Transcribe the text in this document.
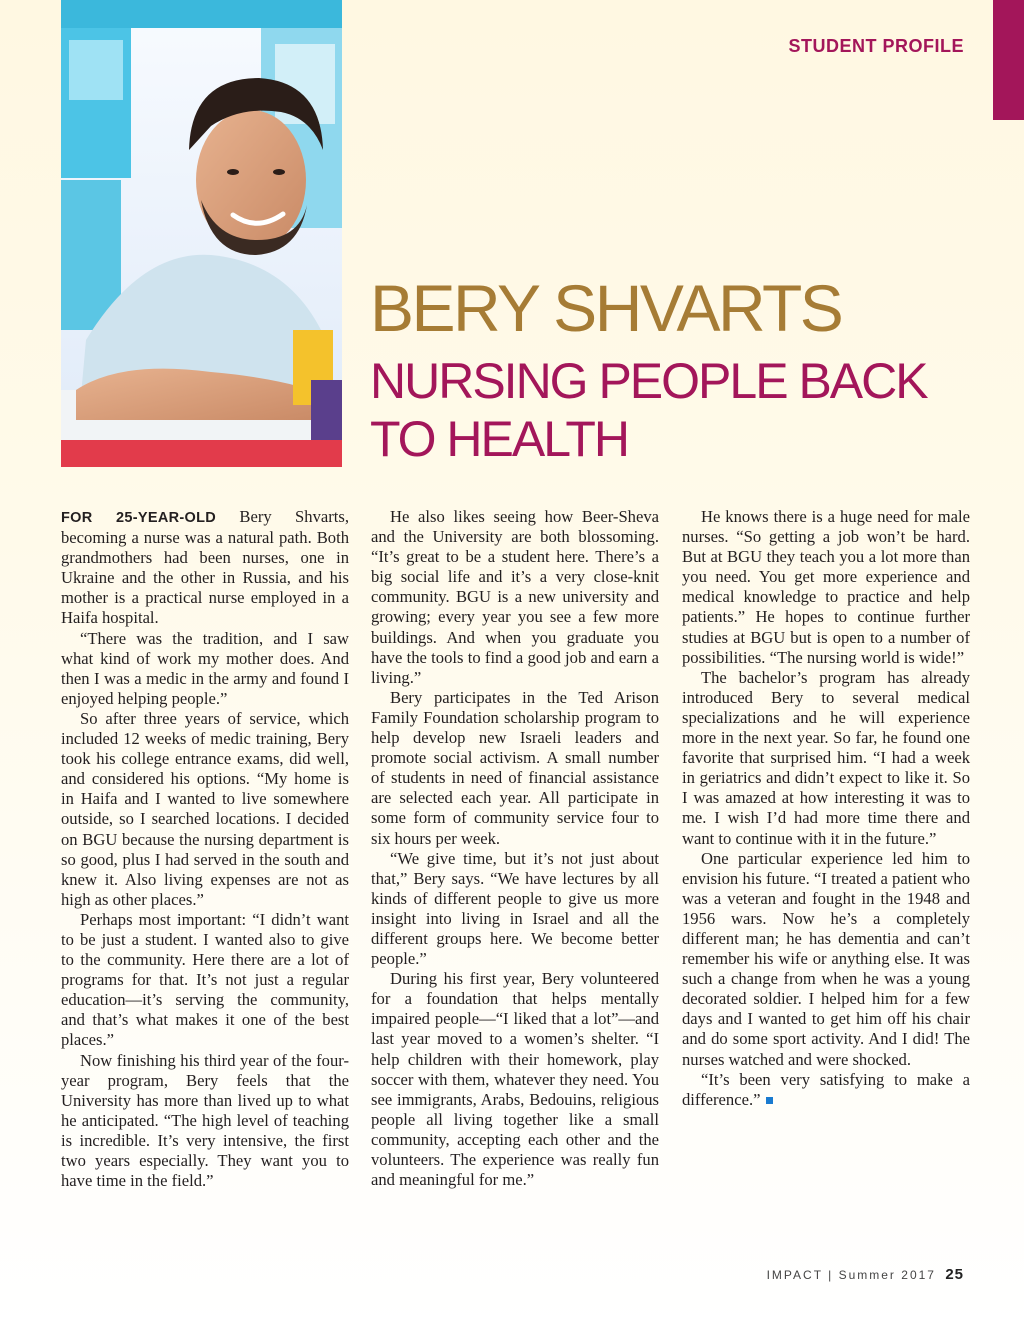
STUDENT PROFILE
BERY SHVARTS
NURSING PEOPLE BACK TO HEALTH

FOR 25-YEAR-OLD Bery Shvarts, becoming a nurse was a natural path. Both grandmothers had been nurses, one in Ukraine and the other in Russia, and his mother is a practical nurse employed in a Haifa hospital.

“There was the tradition, and I saw what kind of work my mother does. And then I was a medic in the army and found I enjoyed helping people.”

So after three years of service, which included 12 weeks of medic training, Bery took his college entrance exams, did well, and considered his options. “My home is in Haifa and I wanted to live somewhere outside, so I searched locations. I decided on BGU because the nursing department is so good, plus I had served in the south and knew it. Also living expenses are not as high as other places.”

Perhaps most important: “I didn’t want to be just a student. I wanted also to give to the community. Here there are a lot of programs for that. It’s not just a regular education—it’s serving the community, and that’s what makes it one of the best places.”

Now finishing his third year of the four-year program, Bery feels that the University has more than lived up to what he anticipated. “The high level of teaching is incredible. It’s very intensive, the first two years especially. They want you to have time in the field.”

He also likes seeing how Beer-Sheva and the University are both blossoming. “It’s great to be a student here. There’s a big social life and it’s a very close-knit community. BGU is a new university and growing; every year you see a few more buildings. And when you graduate you have the tools to find a good job and earn a living.”

Bery participates in the Ted Arison Family Foundation scholarship program to help develop new Israeli leaders and promote social activism. A small number of students in need of financial assistance are selected each year. All participate in some form of community service four to six hours per week.

“We give time, but it’s not just about that,” Bery says. “We have lectures by all kinds of different people to give us more insight into living in Israel and all the different groups here. We become better people.”

During his first year, Bery volunteered for a foundation that helps mentally impaired people—“I liked that a lot”—and last year moved to a women’s shelter. “I help children with their homework, play soccer with them, whatever they need. You see immigrants, Arabs, Bedouins, religious people all living together like a small community, accepting each other and the volunteers. The experience was really fun and meaningful for me.”

He knows there is a huge need for male nurses. “So getting a job won’t be hard. But at BGU they teach you a lot more than you need. You get more experience and medical knowledge to practice and help patients.” He hopes to continue further studies at BGU but is open to a number of possibilities. “The nursing world is wide!”

The bachelor’s program has already introduced Bery to several medical specializations and he will experience more in the next year. So far, he found one favorite that surprised him. “I had a week in geriatrics and didn’t expect to like it. So I was amazed at how interesting it was to me. I wish I’d had more time there and want to continue with it in the future.”

One particular experience led him to envision his future. “I treated a patient who was a veteran and fought in the 1948 and 1956 wars. Now he’s a completely different man; he has dementia and can’t remember his wife or anything else. It was such a change from when he was a young decorated soldier. I helped him for a few days and I wanted to get him off his chair and do some sport activity. And I did! The nurses watched and were shocked.

“It’s been very satisfying to make a difference.”

IMPACT | Summer 2017 25
